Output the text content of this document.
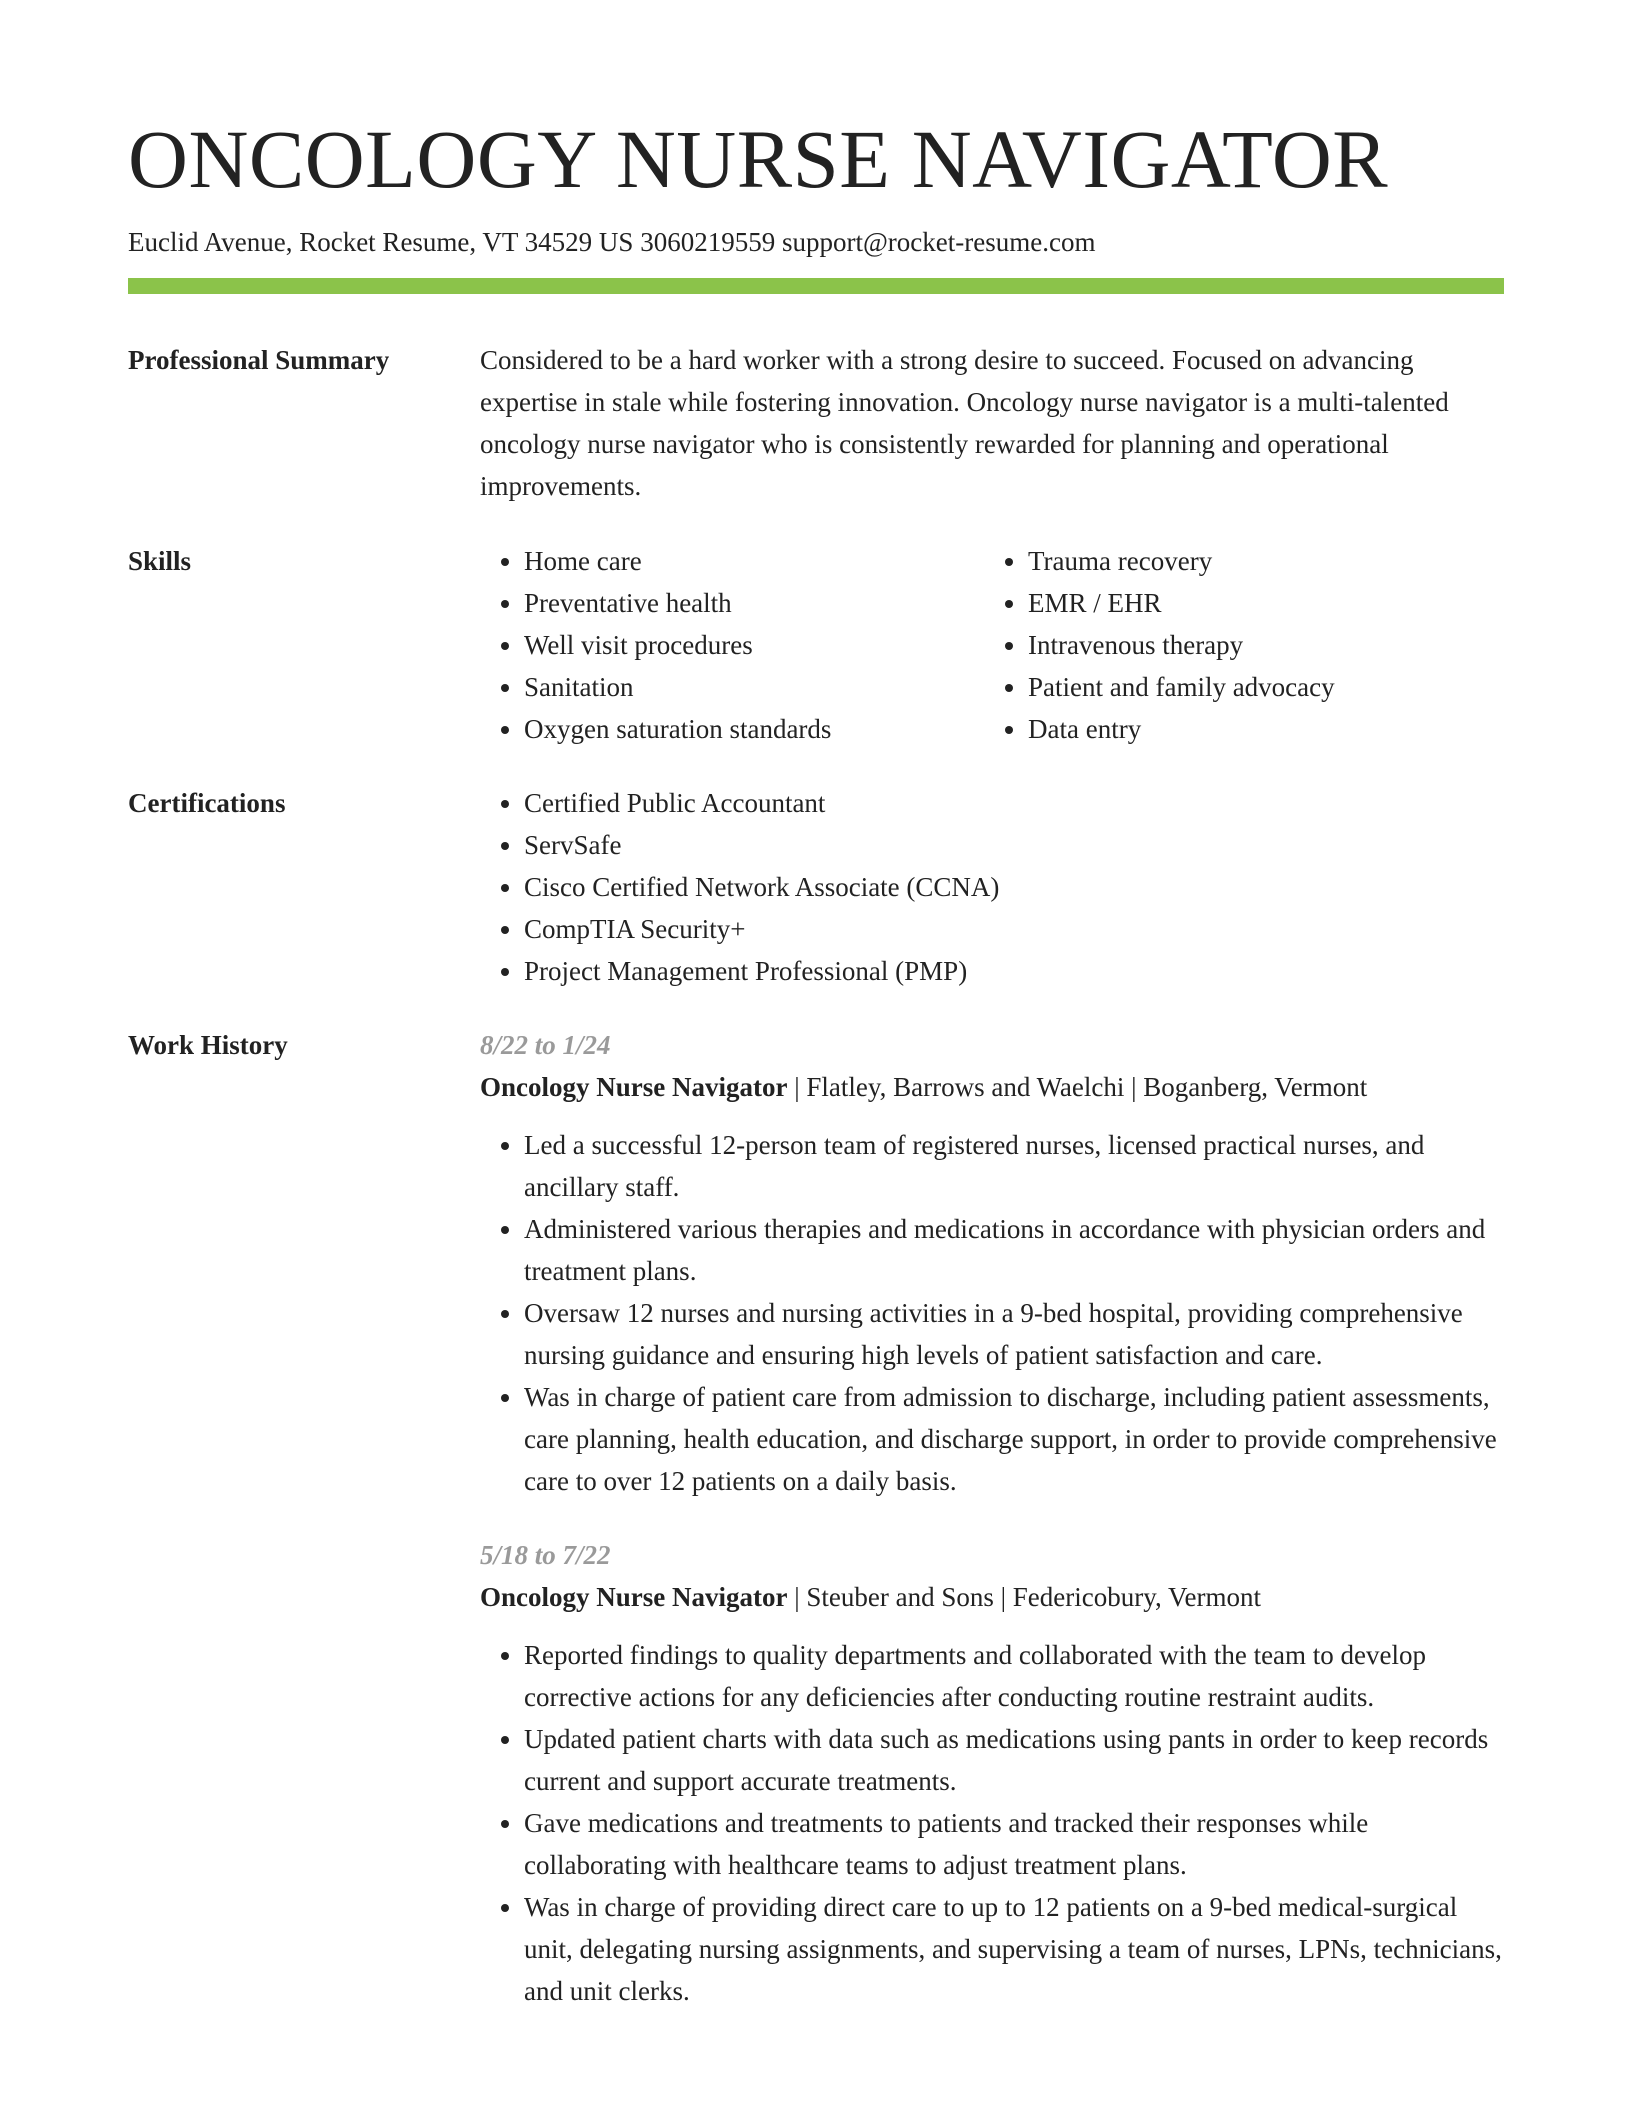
ONCOLOGY NURSE NAVIGATOR
Euclid Avenue, Rocket Resume, VT 34529 US 3060219559 support@rocket-resume.com
Professional Summary	Considered to be a hard worker with a strong desire to succeed. Focused on advancing expertise in stale while fostering innovation. Oncology nurse navigator is a multi-talented oncology nurse navigator who is consistently rewarded for planning and operational improvements.

Skills	• Home care
• Preventative health
• Well visit procedures
• Sanitation
• Oxygen saturation standards
• Trauma recovery
• EMR / EHR
• Intravenous therapy
• Patient and family advocacy
• Data entry
Certifications	• Certified Public Accountant
• ServSafe
• Cisco Certified Network Associate (CCNA)
• CompTIA Security+
• Project Management Professional (PMP)
Work History	8/22 to 1/24
Oncology Nurse Navigator | Flatley, Barrows and Waelchi | Boganberg, Vermont
• Led a successful 12-person team of registered nurses, licensed practical nurses, and ancillary staff.
• Administered various therapies and medications in accordance with physician orders and treatment plans.
• Oversaw 12 nurses and nursing activities in a 9-bed hospital, providing comprehensive nursing guidance and ensuring high levels of patient satisfaction and care.
• Was in charge of patient care from admission to discharge, including patient assessments, care planning, health education, and discharge support, in order to provide comprehensive care to over 12 patients on a daily basis.
5/18 to 7/22
Oncology Nurse Navigator | Steuber and Sons | Federicobury, Vermont
• Reported findings to quality departments and collaborated with the team to develop corrective actions for any deficiencies after conducting routine restraint audits.
• Updated patient charts with data such as medications using pants in order to keep records current and support accurate treatments.
• Gave medications and treatments to patients and tracked their responses while collaborating with healthcare teams to adjust treatment plans.
• Was in charge of providing direct care to up to 12 patients on a 9-bed medical-surgical unit, delegating nursing assignments, and supervising a team of nurses, LPNs, technicians, and unit clerks.
